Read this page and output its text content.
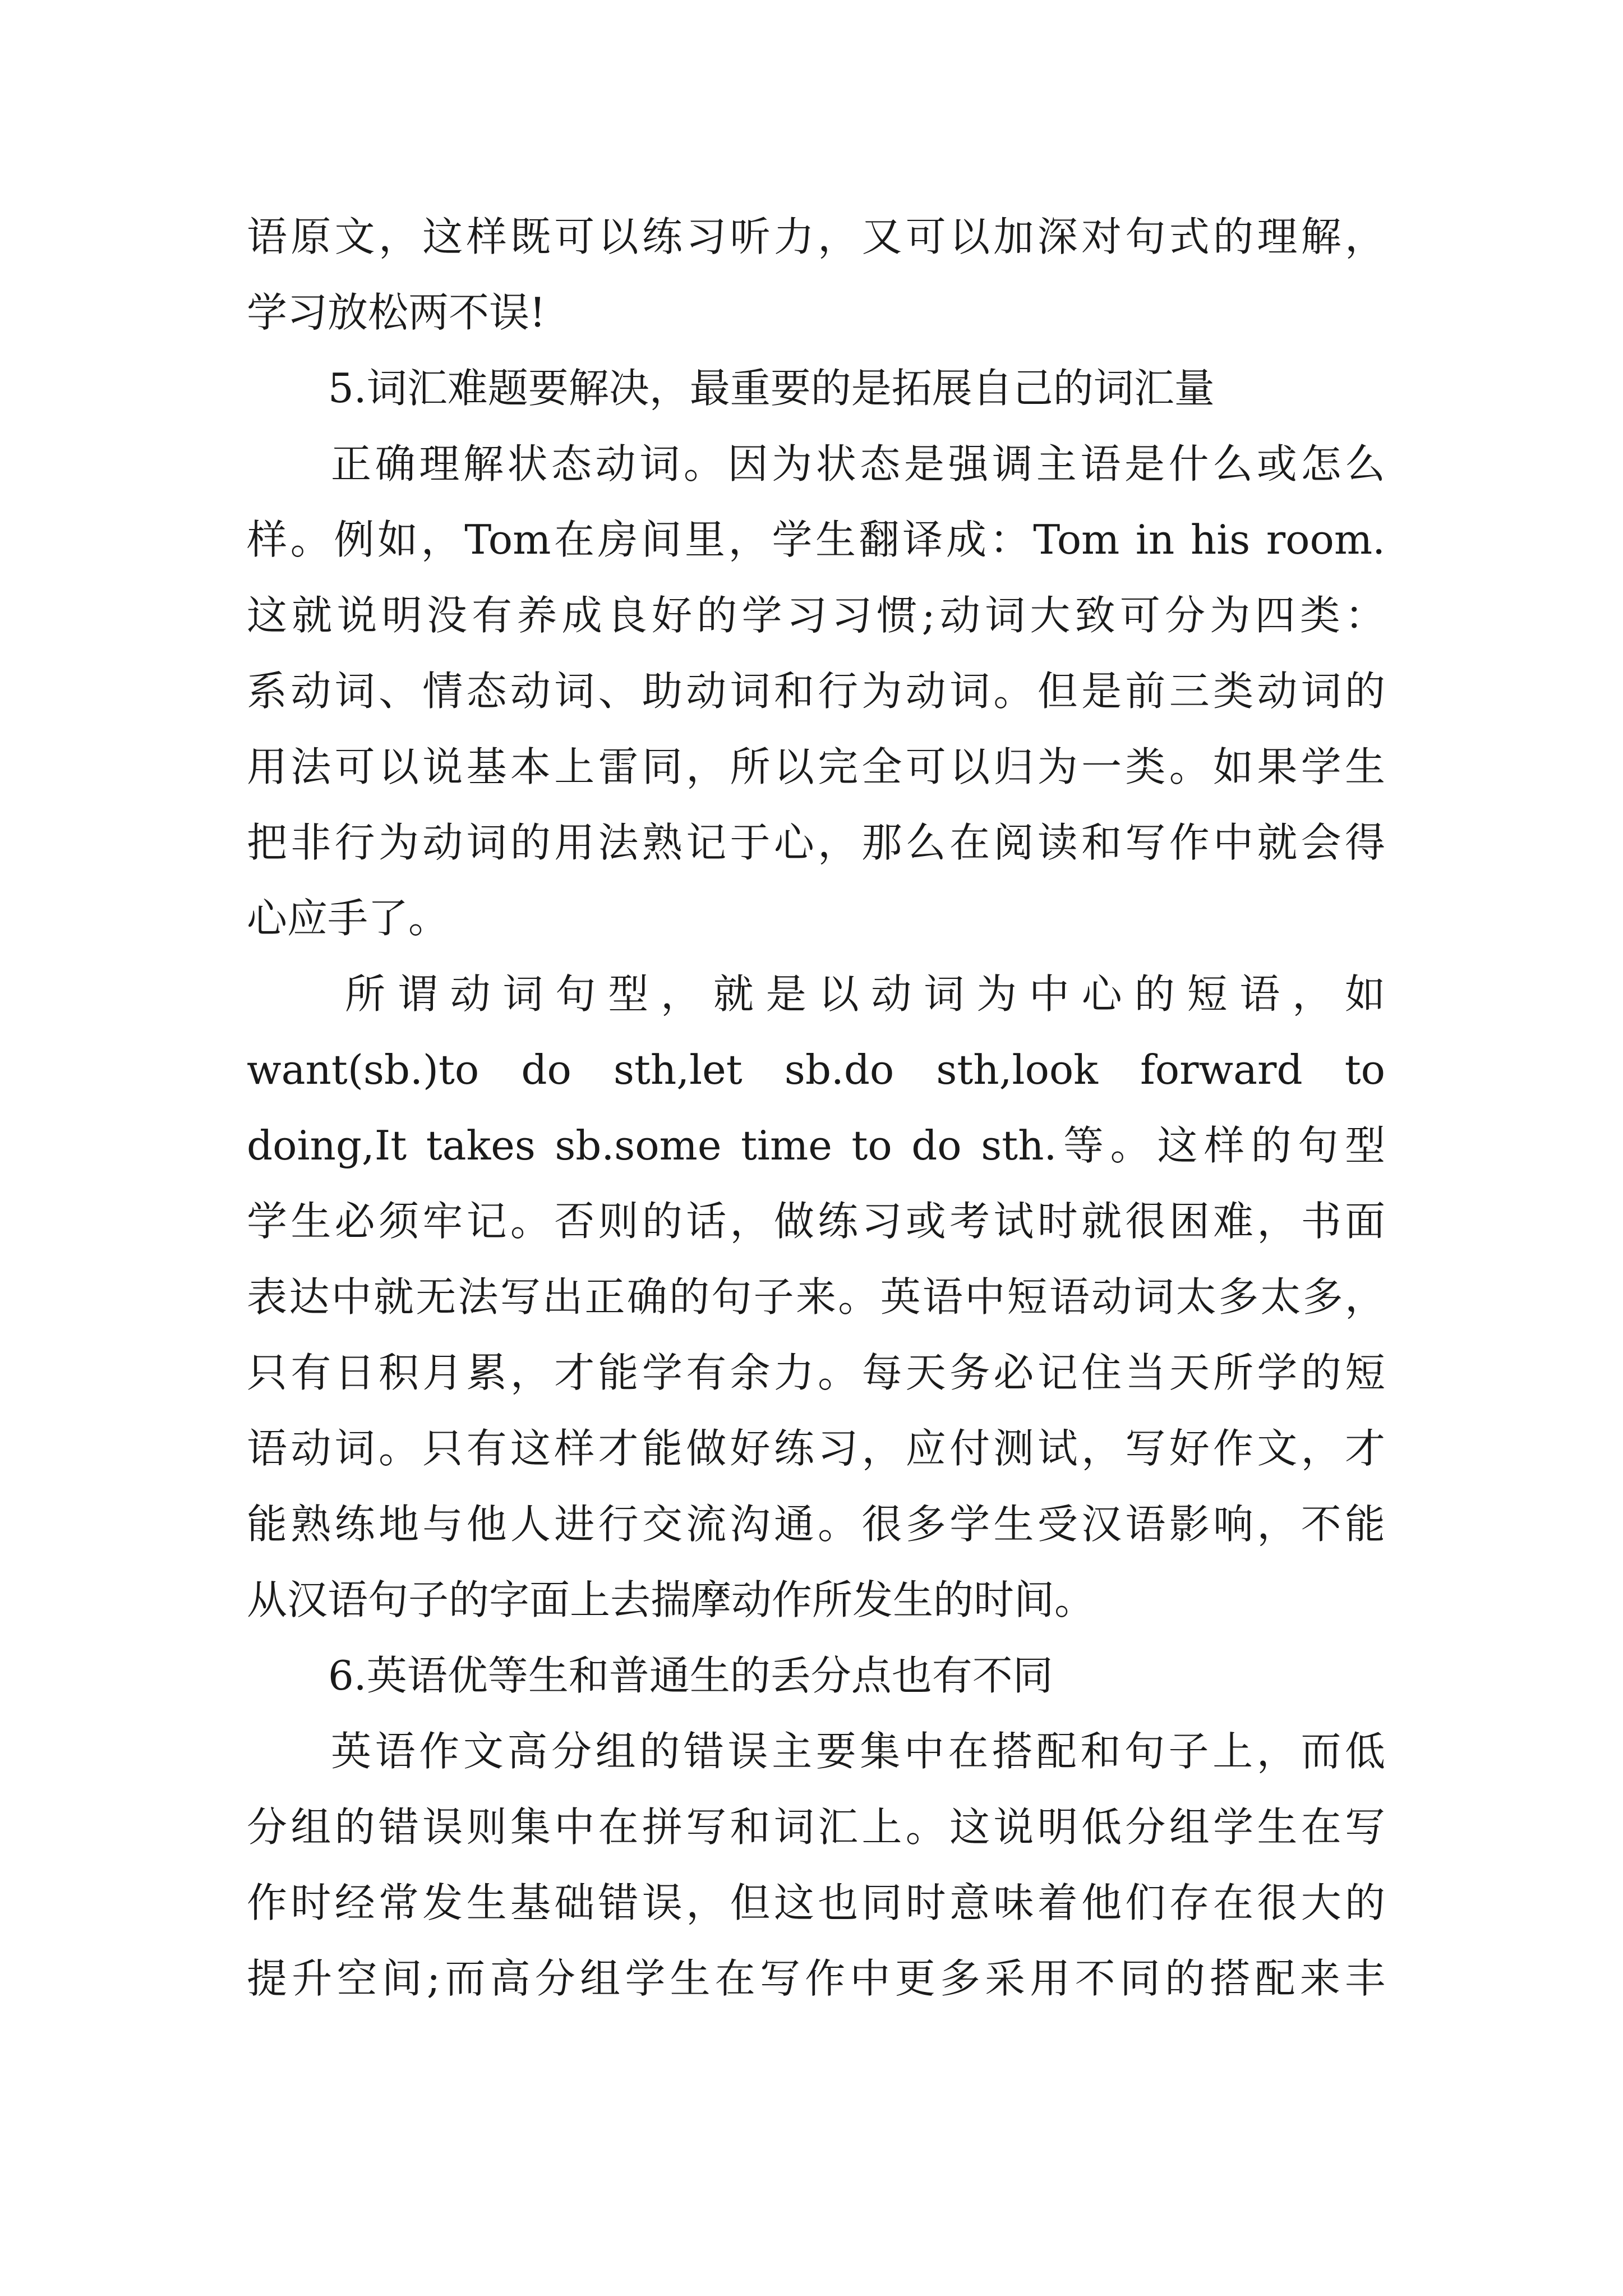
语原文，这样既可以练习听力，又可以加深对句式的理解，
学习放松两不误!
5.词汇难题要解决，最重要的是拓展自己的词汇量
正确理解状态动词。因为状态是强调主语是什么或怎么
样。例如，Tom在房间里，学生翻译成：Tom in his room.
这就说明没有养成良好的学习习惯;动词大致可分为四类：
系动词、情态动词、助动词和行为动词。但是前三类动词的
用法可以说基本上雷同，所以完全可以归为一类。如果学生
把非行为动词的用法熟记于心，那么在阅读和写作中就会得
心应手了。
所谓动词句型，就是以动词为中心的短语，如
want(sb.)to do sth,let sb.do sth,look forward to
doing,It takes sb.some time to do sth.等。这样的句型
学生必须牢记。否则的话，做练习或考试时就很困难，书面
表达中就无法写出正确的句子来。英语中短语动词太多太多，
只有日积月累，才能学有余力。每天务必记住当天所学的短
语动词。只有这样才能做好练习，应付测试，写好作文，才
能熟练地与他人进行交流沟通。很多学生受汉语影响，不能
从汉语句子的字面上去揣摩动作所发生的时间。
6.英语优等生和普通生的丢分点也有不同
英语作文高分组的错误主要集中在搭配和句子上，而低
分组的错误则集中在拼写和词汇上。这说明低分组学生在写
作时经常发生基础错误，但这也同时意味着他们存在很大的
提升空间;而高分组学生在写作中更多采用不同的搭配来丰
